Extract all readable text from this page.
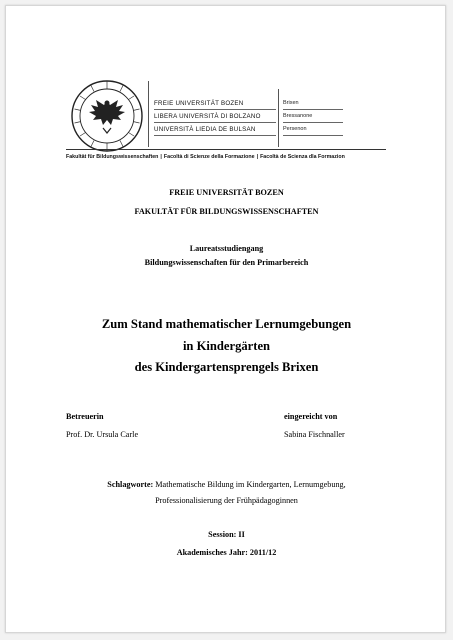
FREIE UNIVERSITÄT BOZEN
LIBERA UNIVERSITÀ DI BOLZANO
UNIVERSITÀ LIEDIA DE BULSAN
Brixen
Bressanone
Persenon
Fakultät für Bildungswissenschaften | Facoltà di Scienze della Formazione | Facoltà de Scienza dla Formazion
FREIE UNIVERSITÄT BOZEN
FAKULTÄT FÜR BILDUNGSWISSENSCHAFTEN
Laureatsstudiengang
Bildungswissenschaften für den Primarbereich
Zum Stand mathematischer Lernumgebungen
in Kindergärten
des Kindergartensprengels Brixen
Betreuerin
Prof. Dr. Ursula Carle
eingereicht von
Sabina Fischnaller
Schlagworte: Mathematische Bildung im Kindergarten, Lernumgebung,
Professionalisierung der Frühpädagoginnen
Session: II
Akademisches Jahr: 2011/12
